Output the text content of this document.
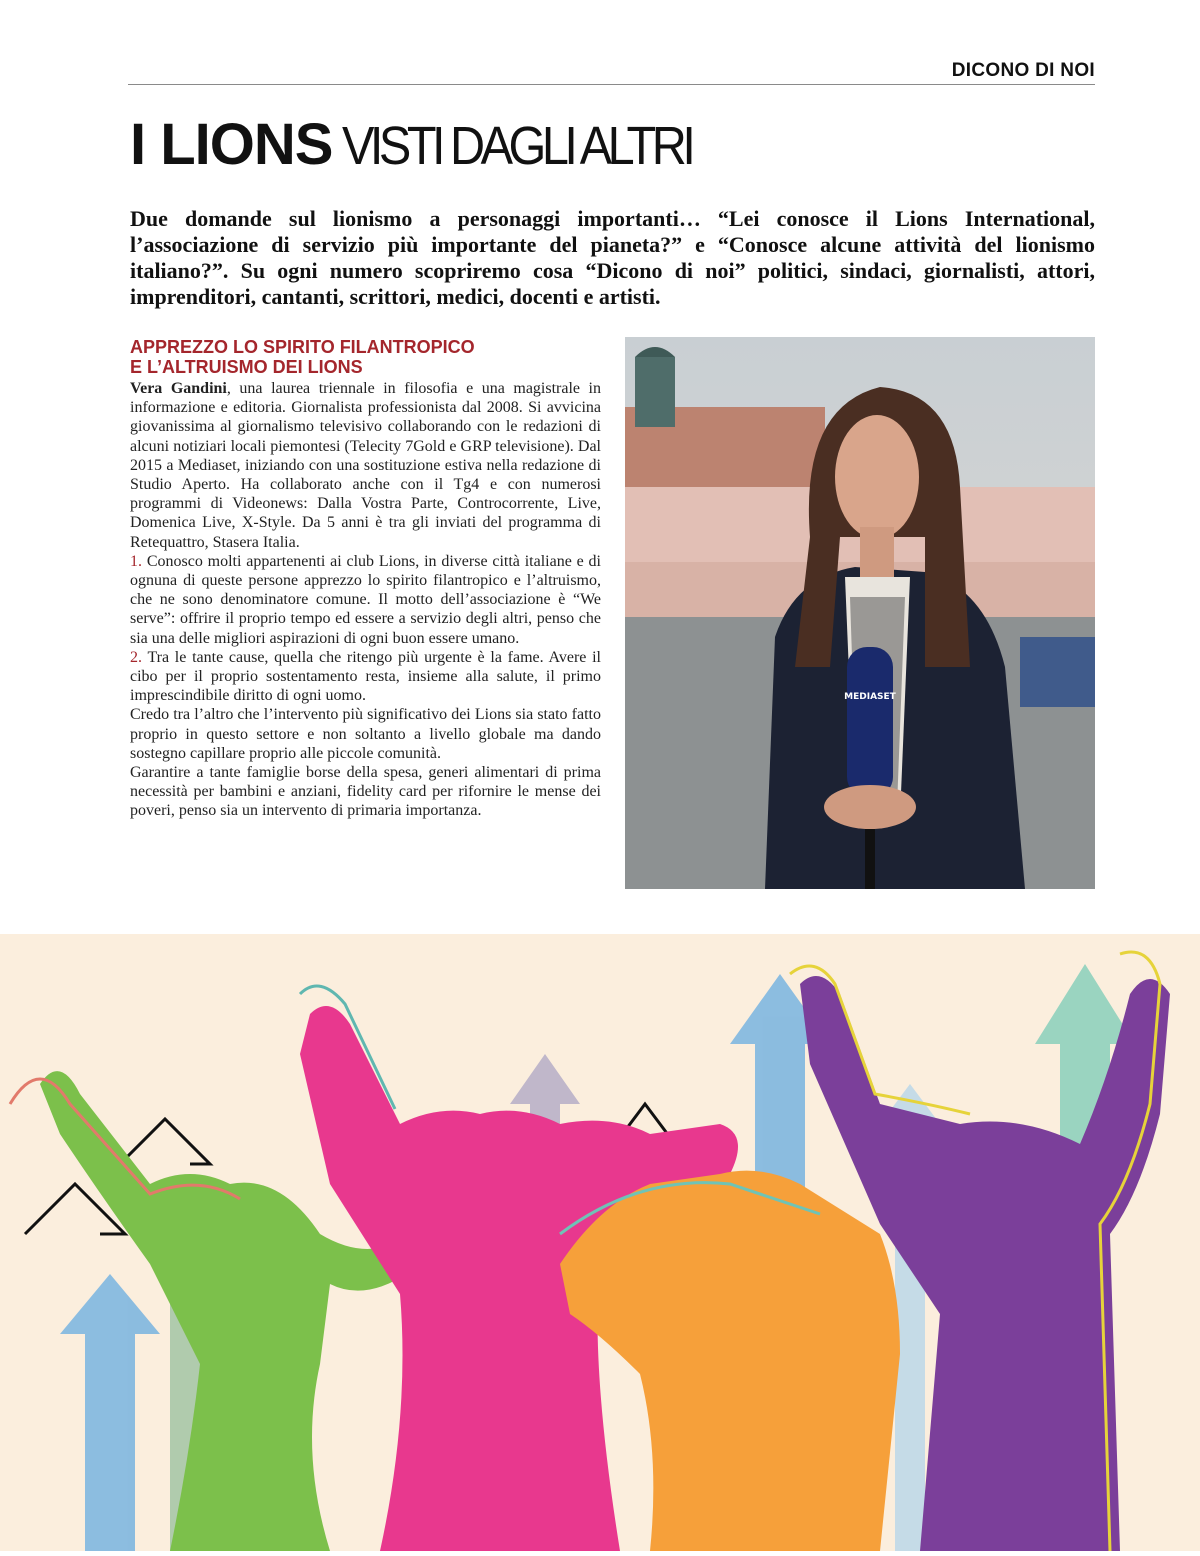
DICONO DI NOI
I LIONS VISTI DAGLI ALTRI

Due domande sul lionismo a personaggi importanti… “Lei conosce il Lions International, l’associazione di servizio più importante del pianeta?” e “Conosce alcune attività del lionismo italiano?”. Su ogni numero scopriremo cosa “Dicono di noi” politici, sindaci, giornalisti, attori, imprenditori, cantanti, scrittori, medici, docenti e artisti.

APPREZZO LO SPIRITO FILANTROPICO
E L’ALTRUISMO DEI LIONS

Vera Gandini, una laurea triennale in filosofia e una magistrale in informazione e editoria. Giornalista professionista dal 2008. Si avvicina giovanissima al giornalismo televisivo collaborando con le redazioni di alcuni notiziari locali piemontesi (Telecity 7Gold e GRP televisione). Dal 2015 a Mediaset, iniziando con una sostituzione estiva nella redazione di Studio Aperto. Ha collaborato anche con il Tg4 e con numerosi programmi di Videonews: Dalla Vostra Parte, Controcorrente, Live, Domenica Live, X-Style. Da 5 anni è tra gli inviati del programma di Retequattro, Stasera Italia.

1. Conosco molti appartenenti ai club Lions, in diverse città italiane e di ognuna di queste persone apprezzo lo spirito filantropico e l’altruismo, che ne sono denominatore comune. Il motto dell’associazione è “We serve”: offrire il proprio tempo ed essere a servizio degli altri, penso che sia una delle migliori aspirazioni di ogni buon essere umano.

2. Tra le tante cause, quella che ritengo più urgente è la fame. Avere il cibo per il proprio sostentamento resta, insieme alla salute, il primo imprescindibile diritto di ogni uomo.

Credo tra l’altro che l’intervento più significativo dei Lions sia stato fatto proprio in questo settore e non soltanto a livello globale ma dando sostegno capillare proprio alle piccole comunità.

Garantire a tante famiglie borse della spesa, generi alimentari di prima necessità per bambini e anziani, fidelity card per rifornire le mense dei poveri, penso sia un intervento di primaria importanza.

MEDIASET
